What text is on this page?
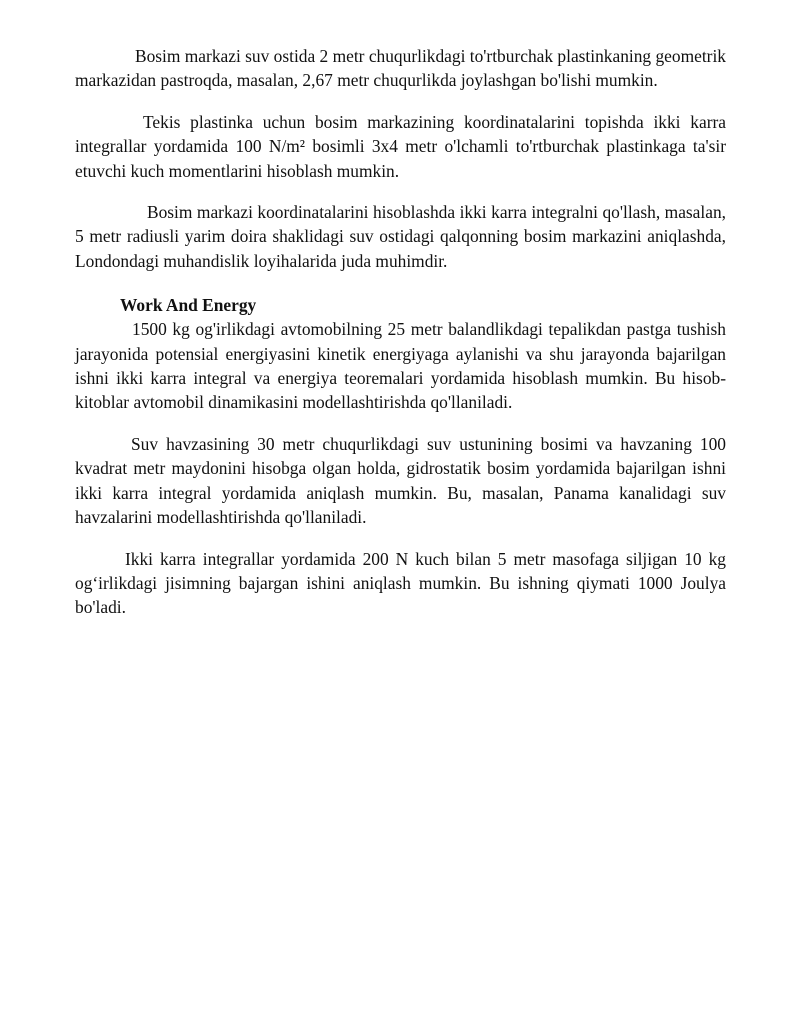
Bosim markazi suv ostida 2 metr chuqurlikdagi to'rtburchak plastinkaning geometrik markazidan pastroqda, masalan, 2,67 metr chuqurlikda joylashgan bo'lishi mumkin.

Tekis plastinka uchun bosim markazining koordinatalarini topishda ikki karra integrallar yordamida 100 N/m² bosimli 3x4 metr o'lchamli to'rtburchak plastinkaga ta'sir etuvchi kuch momentlarini hisoblash mumkin.

Bosim markazi koordinatalarini hisoblashda ikki karra integralni qo'llash, masalan, 5 metr radiusli yarim doira shaklidagi suv ostidagi qalqonning bosim markazini aniqlashda, Londondagi muhandislik loyihalarida juda muhimdir.

Work And Energy

1500 kg og'irlikdagi avtomobilning 25 metr balandlikdagi tepalikdan pastga tushish jarayonida potensial energiyasini kinetik energiyaga aylanishi va shu jarayonda bajarilgan ishni ikki karra integral va energiya teoremalari yordamida hisoblash mumkin. Bu hisob-kitoblar avtomobil dinamikasini modellashtirishda qo'llaniladi.

Suv havzasining 30 metr chuqurlikdagi suv ustunining bosimi va havzaning 100 kvadrat metr maydonini hisobga olgan holda, gidrostatik bosim yordamida bajarilgan ishni ikki karra integral yordamida aniqlash mumkin. Bu, masalan, Panama kanalidagi suv havzalarini modellashtirishda qo'llaniladi.

Ikki karra integrallar yordamida 200 N kuch bilan 5 metr masofaga siljigan 10 kg og‘irlikdagi jisimning bajargan ishini aniqlash mumkin. Bu ishning qiymati 1000 Joulya bo'ladi.
